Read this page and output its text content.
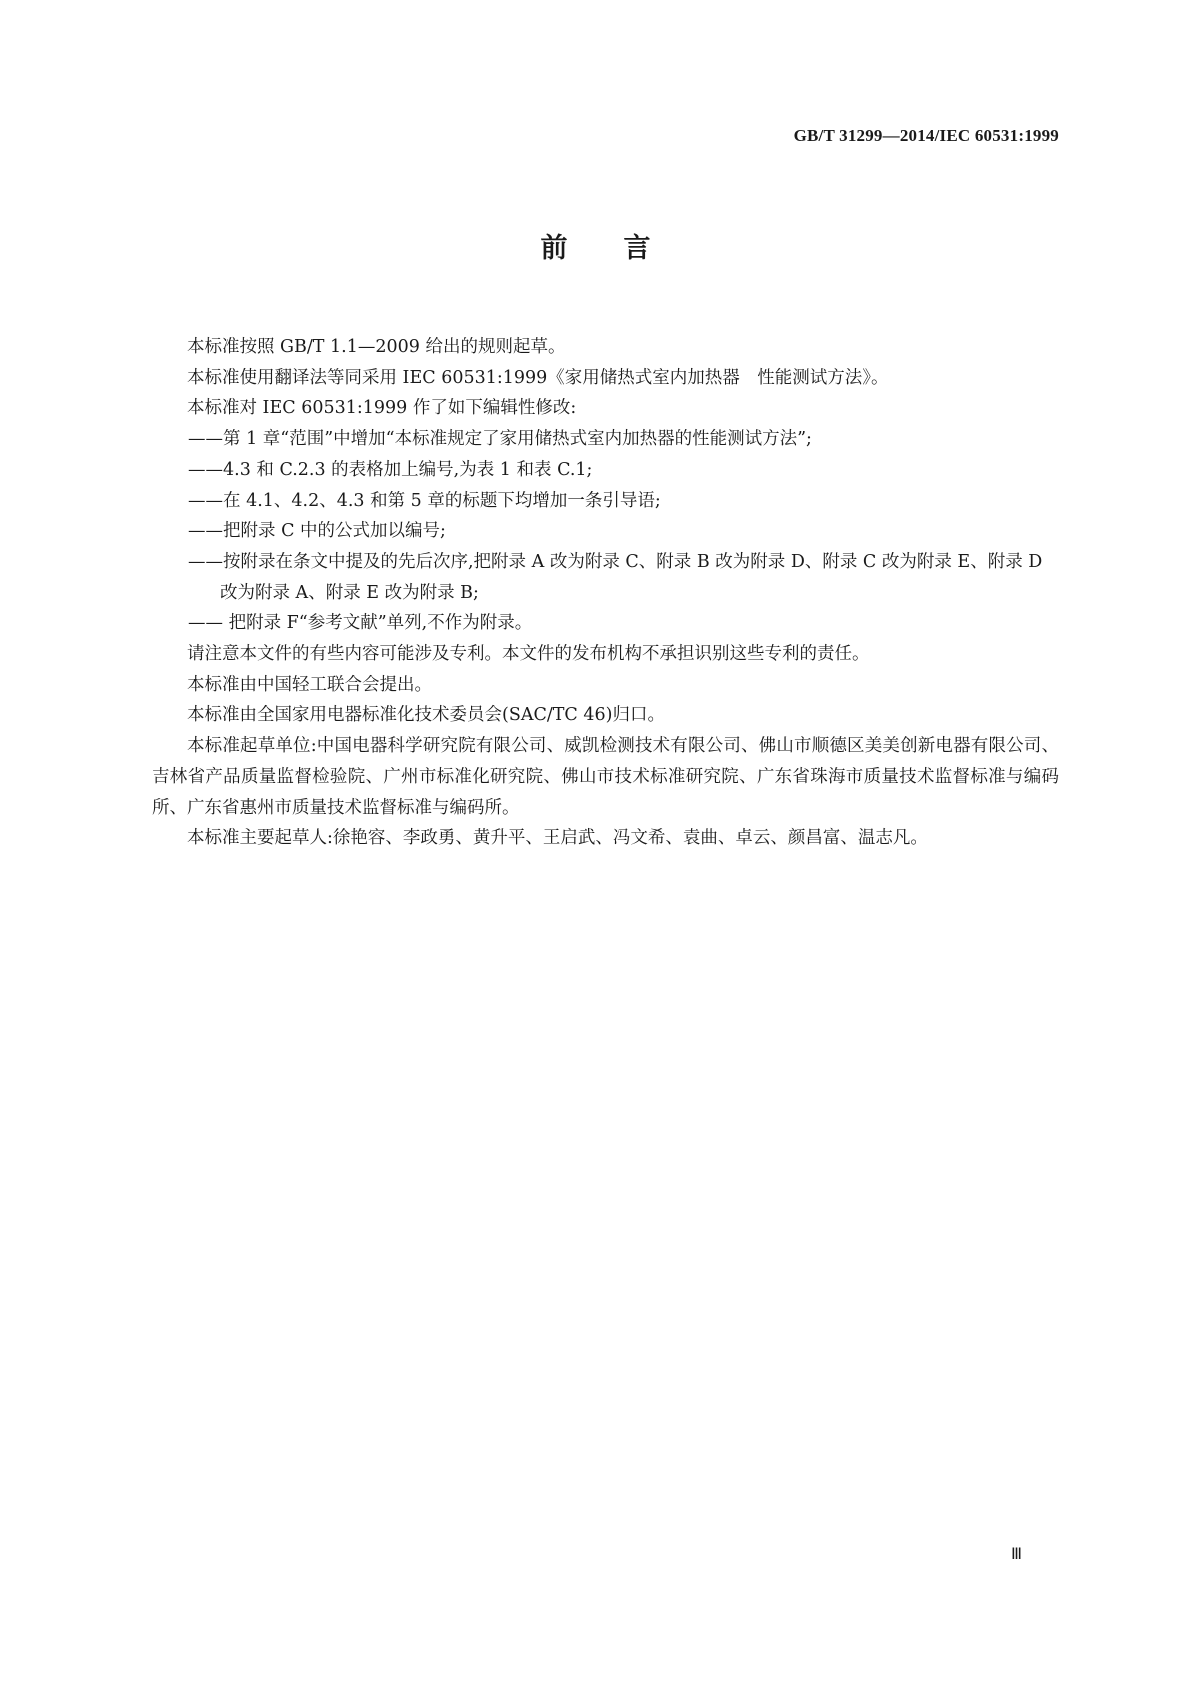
GB/T 31299—2014/IEC 60531:1999
前 言

本标准按照 GB/T 1.1—2009 给出的规则起草。

本标准使用翻译法等同采用 IEC 60531:1999《家用储热式室内加热器　性能测试方法》。

本标准对 IEC 60531:1999 作了如下编辑性修改:

——第 1 章“范围”中增加“本标准规定了家用储热式室内加热器的性能测试方法”;

——4.3 和 C.2.3 的表格加上编号,为表 1 和表 C.1;

——在 4.1、4.2、4.3 和第 5 章的标题下均增加一条引导语;

——把附录 C 中的公式加以编号;

——按附录在条文中提及的先后次序,把附录 A 改为附录 C、附录 B 改为附录 D、附录 C 改为附录 E、附录 D 改为附录 A、附录 E 改为附录 B;

—— 把附录 F“参考文献”单列,不作为附录。

请注意本文件的有些内容可能涉及专利。本文件的发布机构不承担识别这些专利的责任。

本标准由中国轻工联合会提出。

本标准由全国家用电器标准化技术委员会(SAC/TC 46)归口。

本标准起草单位:中国电器科学研究院有限公司、威凯检测技术有限公司、佛山市顺德区美美创新电器有限公司、吉林省产品质量监督检验院、广州市标准化研究院、佛山市技术标准研究院、广东省珠海市质量技术监督标准与编码所、广东省惠州市质量技术监督标准与编码所。

本标准主要起草人:徐艳容、李政勇、黄升平、王启武、冯文希、袁曲、卓云、颜昌富、温志凡。

Ⅲ
